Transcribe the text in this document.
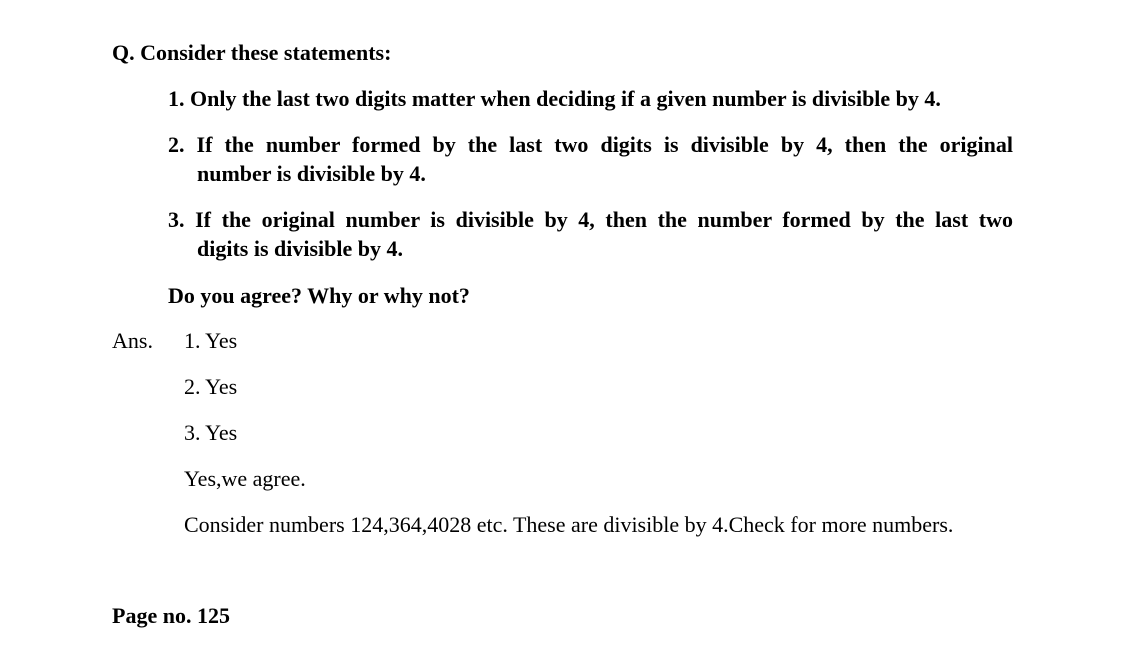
Q. Consider these statements:
1. Only the last two digits matter when deciding if a given number is divisible by 4.
2. If the number formed by the last two digits is divisible by 4, then the original
number is divisible by 4.
3. If the original number is divisible by 4, then the number formed by the last two
digits is divisible by 4.
Do you agree? Why or why not?
Ans. 1. Yes
2. Yes
3. Yes
Yes,we agree.
Consider numbers 124,364,4028 etc. These are divisible by 4.Check for more numbers.
Page no. 125
